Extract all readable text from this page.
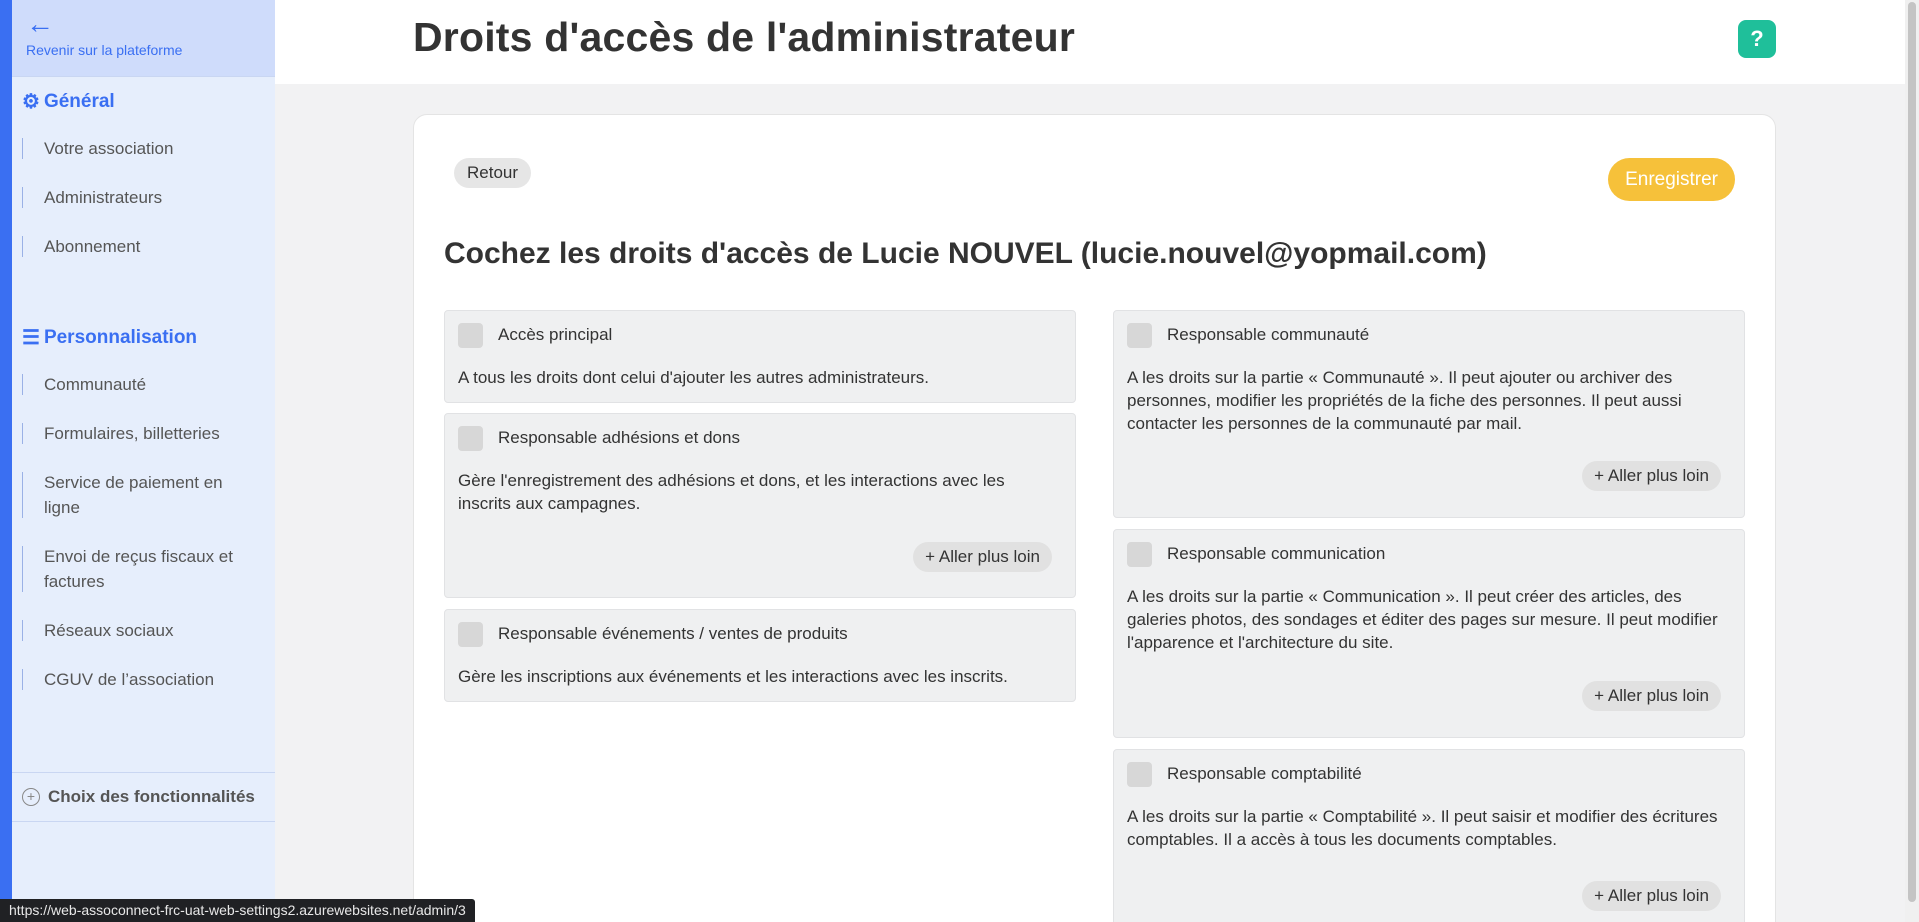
←
Revenir sur la plateforme
⚙ Général
Votre association
Administrateurs
Abonnement
☰ Personnalisation
Communauté
Formulaires, billetteries
Service de paiement en ligne
Envoi de reçus fiscaux et factures
Réseaux sociaux
CGUV de l’association
+ Choix des fonctionnalités
Droits d'accès de l'administrateur	?
Retour	Enregistrer
Cochez les droits d'accès de Lucie NOUVEL (lucie.nouvel@yopmail.com)
Accès principal
A tous les droits dont celui d'ajouter les autres administrateurs.
Responsable adhésions et dons
Gère l'enregistrement des adhésions et dons, et les interactions avec les inscrits aux campagnes.
+ Aller plus loin
Responsable événements / ventes de produits
Gère les inscriptions aux événements et les interactions avec les inscrits.
Responsable communauté
A les droits sur la partie « Communauté ». Il peut ajouter ou archiver des personnes, modifier les propriétés de la fiche des personnes. Il peut aussi contacter les personnes de la communauté par mail.
+ Aller plus loin
Responsable communication
A les droits sur la partie « Communication ». Il peut créer des articles, des galeries photos, des sondages et éditer des pages sur mesure. Il peut modifier l'apparence et l'architecture du site.
+ Aller plus loin
Responsable comptabilité
A les droits sur la partie « Comptabilité ». Il peut saisir et modifier des écritures comptables. Il a accès à tous les documents comptables.
+ Aller plus loin
https://web-assoconnect-frc-uat-web-settings2.azurewebsites.net/admin/3
